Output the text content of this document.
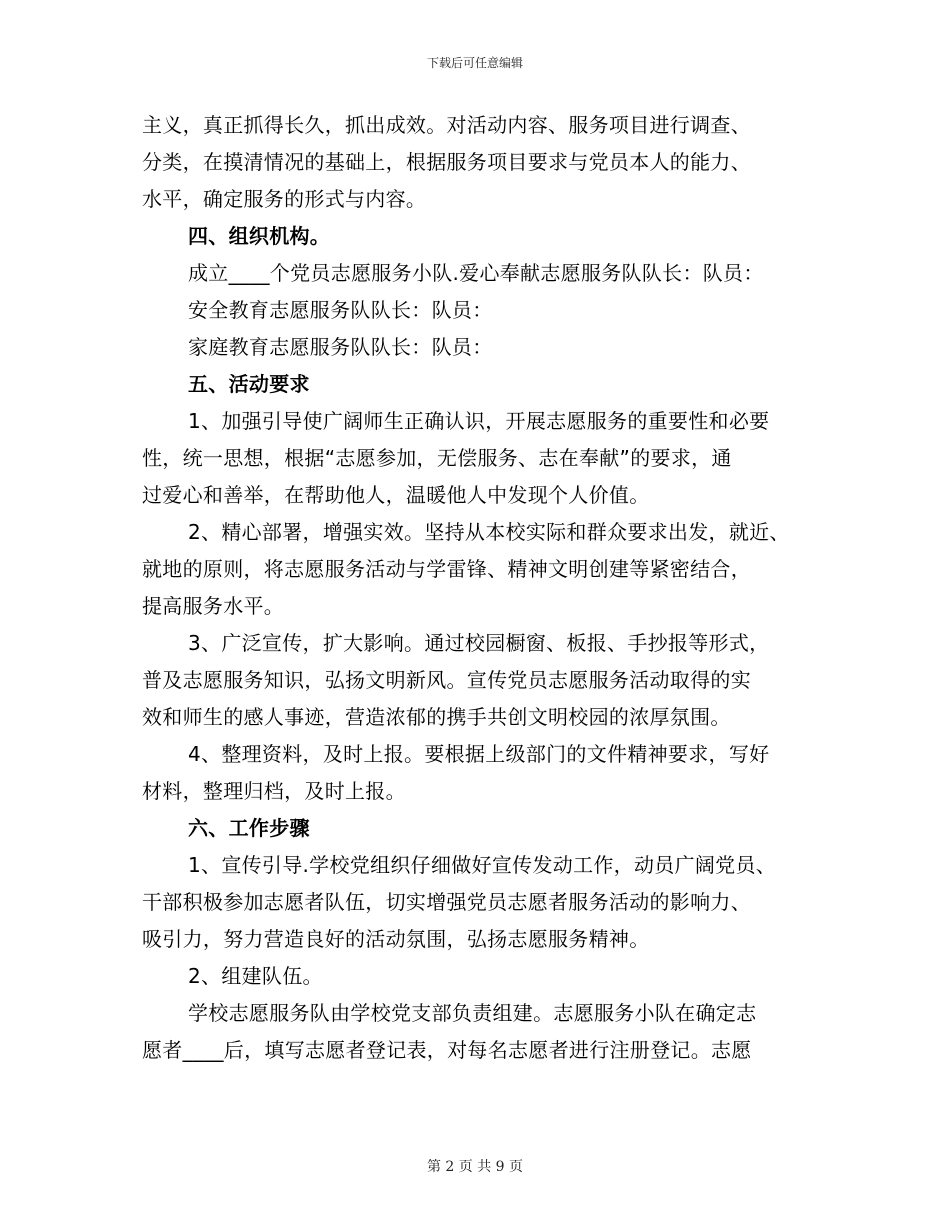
下载后可任意编辑
主义，真正抓得长久，抓出成效。对活动内容、服务项目进行调查、
分类，在摸清情况的基础上，根据服务项目要求与党员本人的能力、
水平，确定服务的形式与内容。
四、组织机构。
成立____个党员志愿服务小队.爱心奉献志愿服务队队长：队员：
安全教育志愿服务队队长：队员：
家庭教育志愿服务队队长：队员：
五、活动要求
1、加强引导使广阔师生正确认识，开展志愿服务的重要性和必要
性，统一思想，根据“志愿参加，无偿服务、志在奉献”的要求，通
过爱心和善举，在帮助他人，温暖他人中发现个人价值。
2、精心部署，增强实效。坚持从本校实际和群众要求出发，就近、
就地的原则，将志愿服务活动与学雷锋、精神文明创建等紧密结合，
提高服务水平。
3、广泛宣传，扩大影响。通过校园橱窗、板报、手抄报等形式，
普及志愿服务知识，弘扬文明新风。宣传党员志愿服务活动取得的实
效和师生的感人事迹，营造浓郁的携手共创文明校园的浓厚氛围。
4、整理资料，及时上报。要根据上级部门的文件精神要求，写好
材料，整理归档，及时上报。
六、工作步骤
1、宣传引导.学校党组织仔细做好宣传发动工作，动员广阔党员、
干部积极参加志愿者队伍，切实增强党员志愿者服务活动的影响力、
吸引力，努力营造良好的活动氛围，弘扬志愿服务精神。
2、组建队伍。
学校志愿服务队由学校党支部负责组建。志愿服务小队在确定志
愿者____后，填写志愿者登记表，对每名志愿者进行注册登记。志愿
第 2 页 共 9 页
